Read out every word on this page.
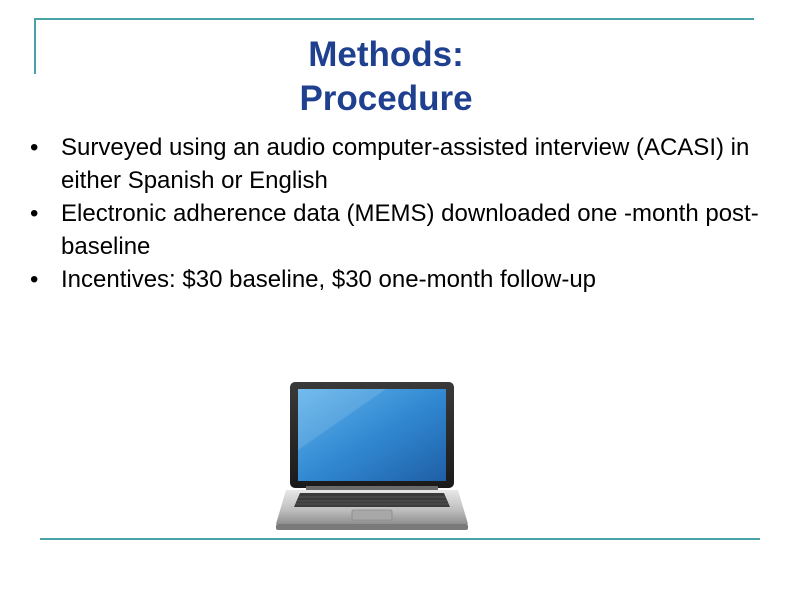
Methods:
Procedure
• Surveyed using an audio computer-assisted interview (ACASI) in either Spanish or English
• Electronic adherence data (MEMS) downloaded one -month post-baseline
• Incentives: $30 baseline, $30 one-month follow-up
